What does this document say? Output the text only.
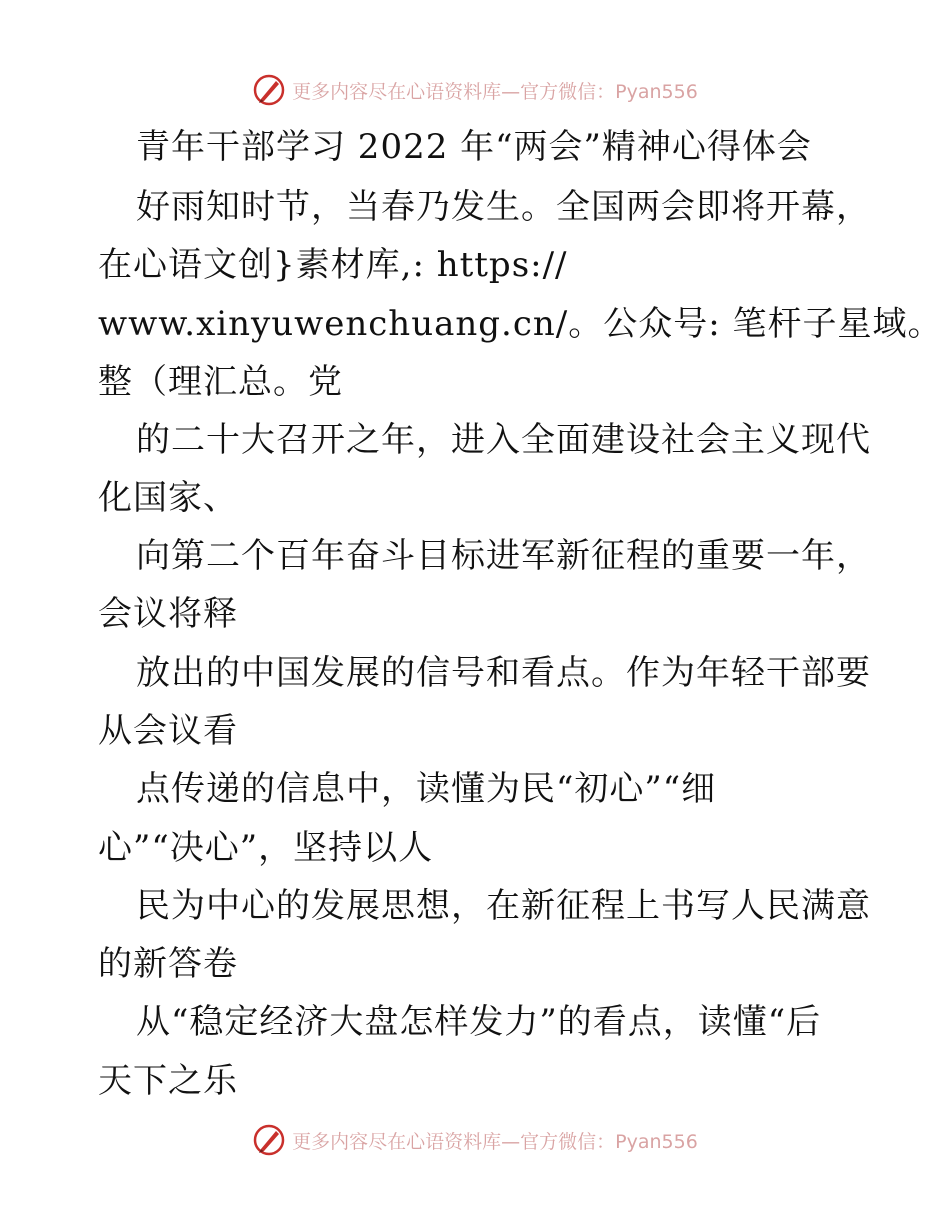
更多内容尽在心语资料库—官方微信：Pyan556
青年干部学习 2022 年“两会”精神心得体会
好雨知时节，当春乃发生。全国两会即将开幕，
在心语文创}素材库,: https://
www.xinyuwenchuang.cn/。公众号: 笔杆子星域。
整（理汇总。党
的二十大召开之年，进入全面建设社会主义现代
化国家、
向第二个百年奋斗目标进军新征程的重要一年，
会议将释
放出的中国发展的信号和看点。作为年轻干部要
从会议看
点传递的信息中，读懂为民“初心”“细
心”“决心”，坚持以人
民为中心的发展思想，在新征程上书写人民满意
的新答卷
从“稳定经济大盘怎样发力”的看点，读懂“后
天下之乐
更多内容尽在心语资料库—官方微信：Pyan556
